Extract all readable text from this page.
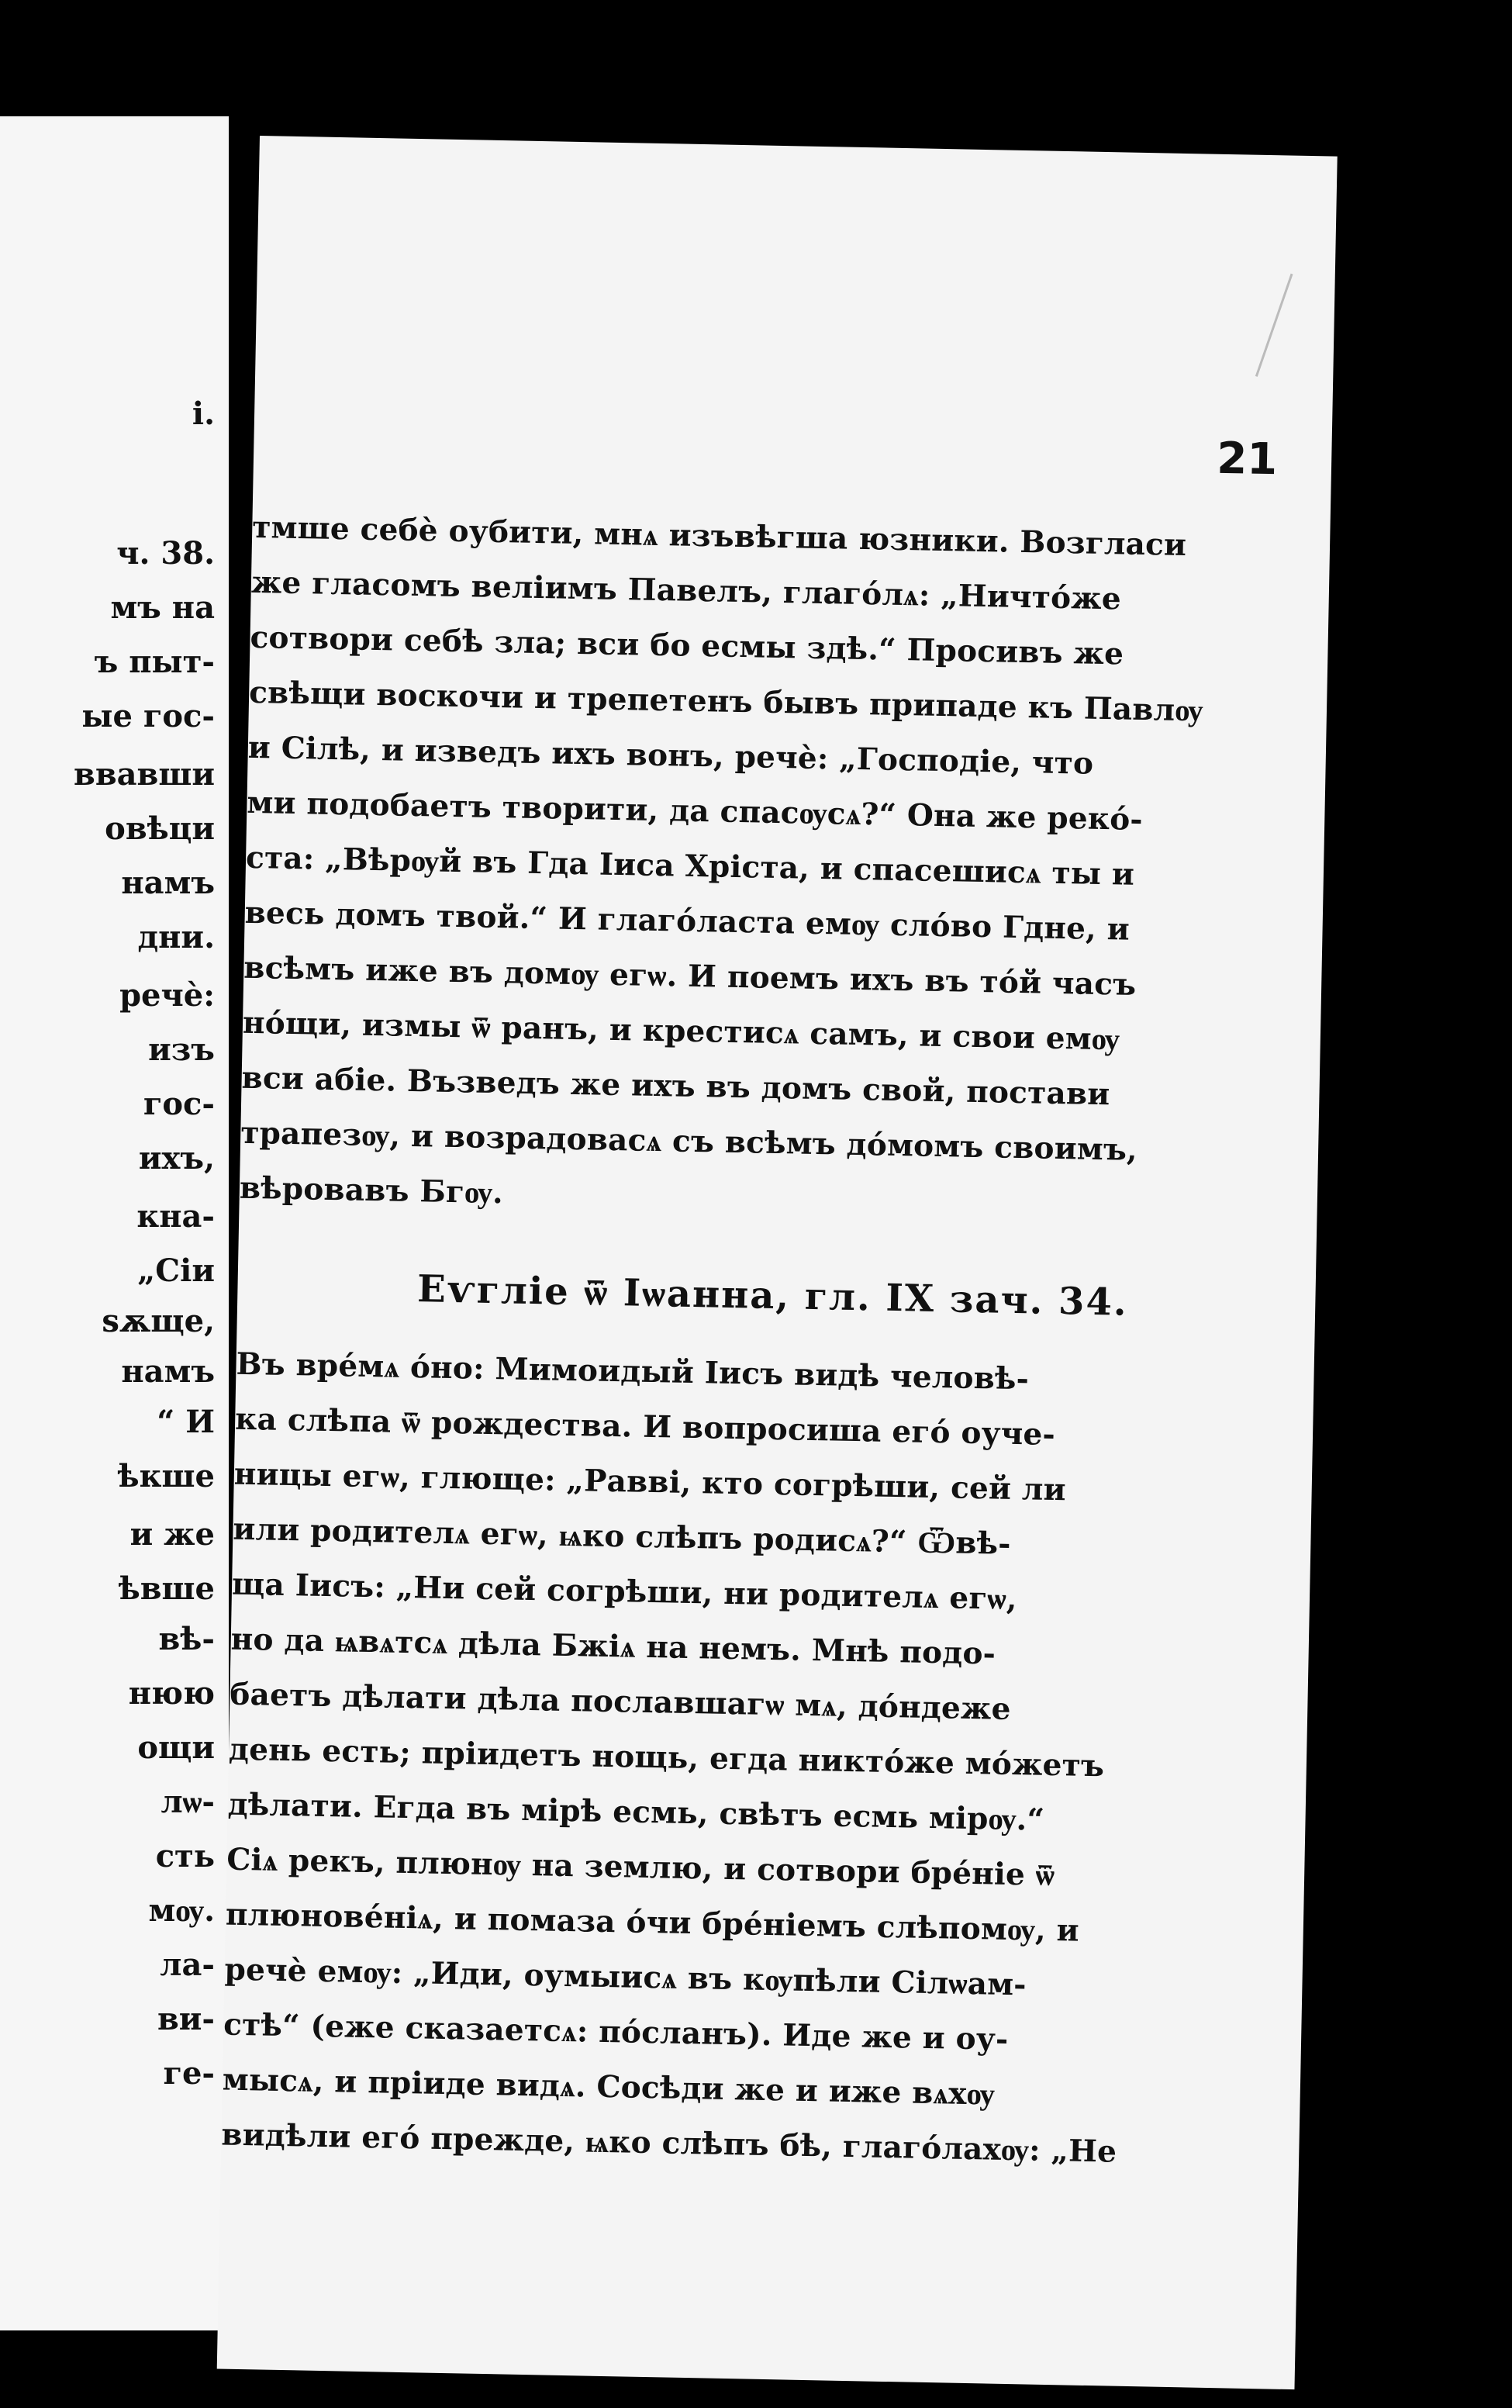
i.
ч. 38.
мъ на
ъ пыт-
ые гос-
ввавши
овѣци
намъ
дни.
речѐ:
изъ
гос-
ихъ,
кна-
„Сiи
ѕѫще,
намъ
“ И
ѣкше
и же
ѣвше
вѣ-
нюю
ощи
лѡ-
сть
мѹ.
ла-
ви-
ге-
21
тмше себѐ оубити, мнѧ изъвѣгша юзники. Возгласи
же гласомъ велiимъ Павелъ, глагóлѧ: „Ничтóже
сотвори себѣ зла; вси бо есмы здѣ.“ Просивъ же
свѣщи воскочи и трепетенъ бывъ припаде къ Павлѹ
и Сiлѣ, и изведъ ихъ вонъ, речѐ: „Господiе, что
ми подобаетъ творити, да спасѹсѧ?“ Она же рекó-
ста: „Вѣрѹй въ Гда Iиса Хрiста, и спасешисѧ ты и
весь домъ твой.“ И глагóласта емѹ слóво Гдне, и
всѣмъ иже въ домѹ егѡ. И поемъ ихъ въ тóй часъ
нóщи, измы ѿ ранъ, и крестисѧ самъ, и свои емѹ
вси абiе. Възведъ же ихъ въ домъ свой, постави
трапезѹ, и возрадовасѧ съ всѣмъ дóмомъ своимъ,
вѣровавъ Бгѹ.
Еѵглiе ѿ Iѡанна, гл. IX зач. 34.
Въ врéмѧ óно: Мимоидый Iисъ видѣ человѣ-
ка слѣпа ѿ рождества. И вопросиша егó оучe-
ницы егѡ, глюще: „Раввi, кто согрѣши, сей ли
или родителѧ егѡ, ѩко слѣпъ родисѧ?“ Ѿвѣ-
ща Iисъ: „Ни сей согрѣши, ни родителѧ егѡ,
но да ѩвѧтсѧ дѣла Бжiѧ на немъ. Мнѣ подо-
баетъ дѣлати дѣла пославшагѡ мѧ, дóндеже
день есть; прiидетъ нощь, егда никтóже мóжетъ
дѣлати. Егда въ мiрѣ есмь, свѣтъ есмь мiрѹ.“
Сiѧ рекъ, плюнѹ на землю, и сотвори брéнiе ѿ
плюновéнiѧ, и помаза óчи брéнiемъ слѣпомѹ, и
речѐ емѹ: „Иди, оумыисѧ въ кѹпѣли Сiлѡам-
стѣ“ (еже сказаетсѧ: пóсланъ). Иде же и оу-
мысѧ, и прiиде видѧ. Сосѣди же и иже вѧхѹ
видѣли егó прежде, ѩко слѣпъ бѣ, глагóлахѹ: „Не
